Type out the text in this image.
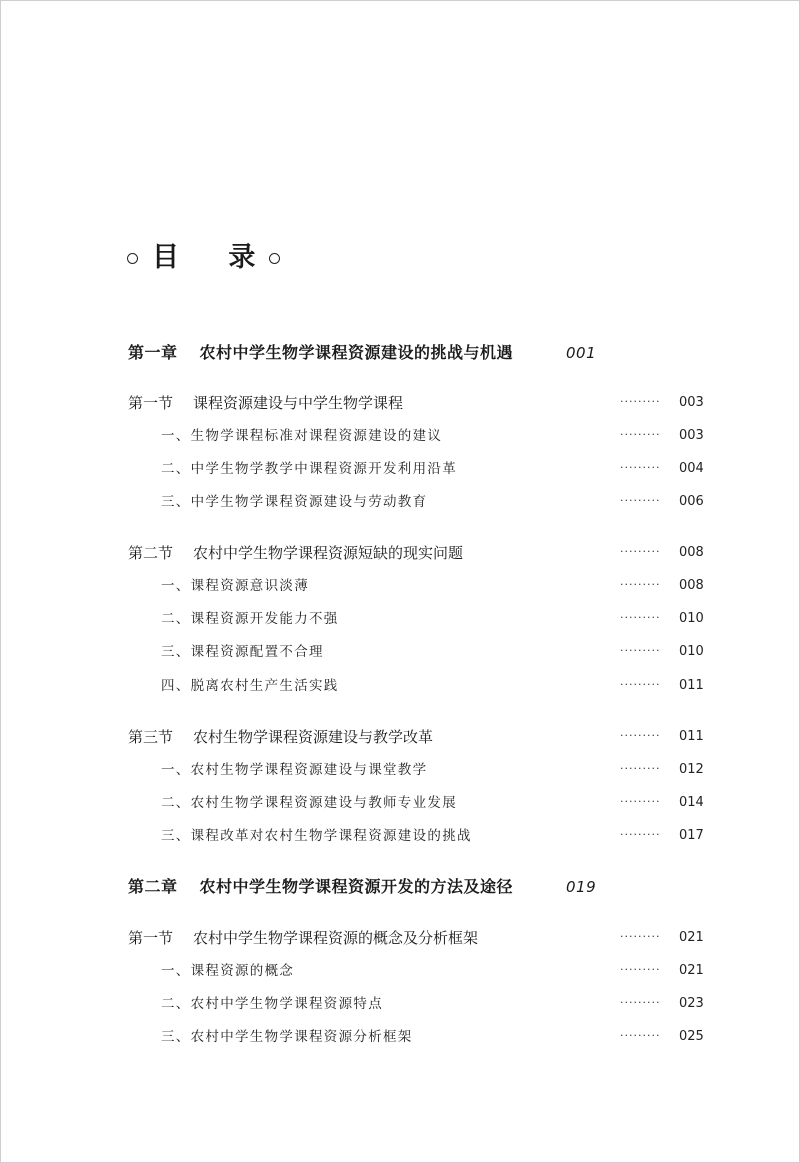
目 录
第一章 农村中学生物学课程资源建设的挑战与机遇	001
第一节 课程资源建设与中学生物学课程	········· 003
一、生物学课程标准对课程资源建设的建议	········· 003
二、中学生物学教学中课程资源开发利用沿革	········· 004
三、中学生物学课程资源建设与劳动教育	········· 006
第二节 农村中学生物学课程资源短缺的现实问题	········· 008
一、课程资源意识淡薄	········· 008
二、课程资源开发能力不强	········· 010
三、课程资源配置不合理	········· 010
四、脱离农村生产生活实践	········· 011
第三节 农村生物学课程资源建设与教学改革	········· 011
一、农村生物学课程资源建设与课堂教学	········· 012
二、农村生物学课程资源建设与教师专业发展	········· 014
三、课程改革对农村生物学课程资源建设的挑战	········· 017
第二章 农村中学生物学课程资源开发的方法及途径	019
第一节 农村中学生物学课程资源的概念及分析框架	········· 021
一、课程资源的概念	········· 021
二、农村中学生物学课程资源特点	········· 023
三、农村中学生物学课程资源分析框架	········· 025
